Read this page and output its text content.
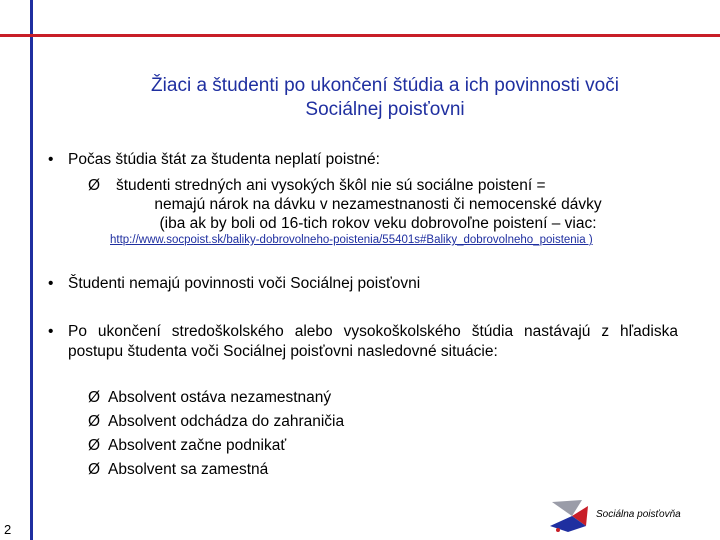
Žiaci a študenti po ukončení štúdia a ich povinnosti voči
Sociálnej poisťovni
• Počas štúdia štát za študenta neplatí poistné:
Ø študenti stredných ani vysokých škôl nie sú sociálne poistení =
nemajú nárok na dávku v nezamestnanosti či nemocenské dávky
(iba ak by boli od 16-tich rokov veku dobrovoľne poistení – viac:
http://www.socpoist.sk/baliky-dobrovolneho-poistenia/55401s#Baliky_dobrovolneho_poistenia )
• Študenti nemajú povinnosti voči Sociálnej poisťovni
• Po ukončení stredoškolského alebo vysokoškolského štúdia nastávajú z hľadiska postupu študenta voči Sociálnej poisťovni nasledovné situácie:
Ø Absolvent ostáva nezamestnaný
Ø Absolvent odchádza do zahraničia
Ø Absolvent začne podnikať
Ø Absolvent sa zamestná
2
Sociálna poisťovňa
